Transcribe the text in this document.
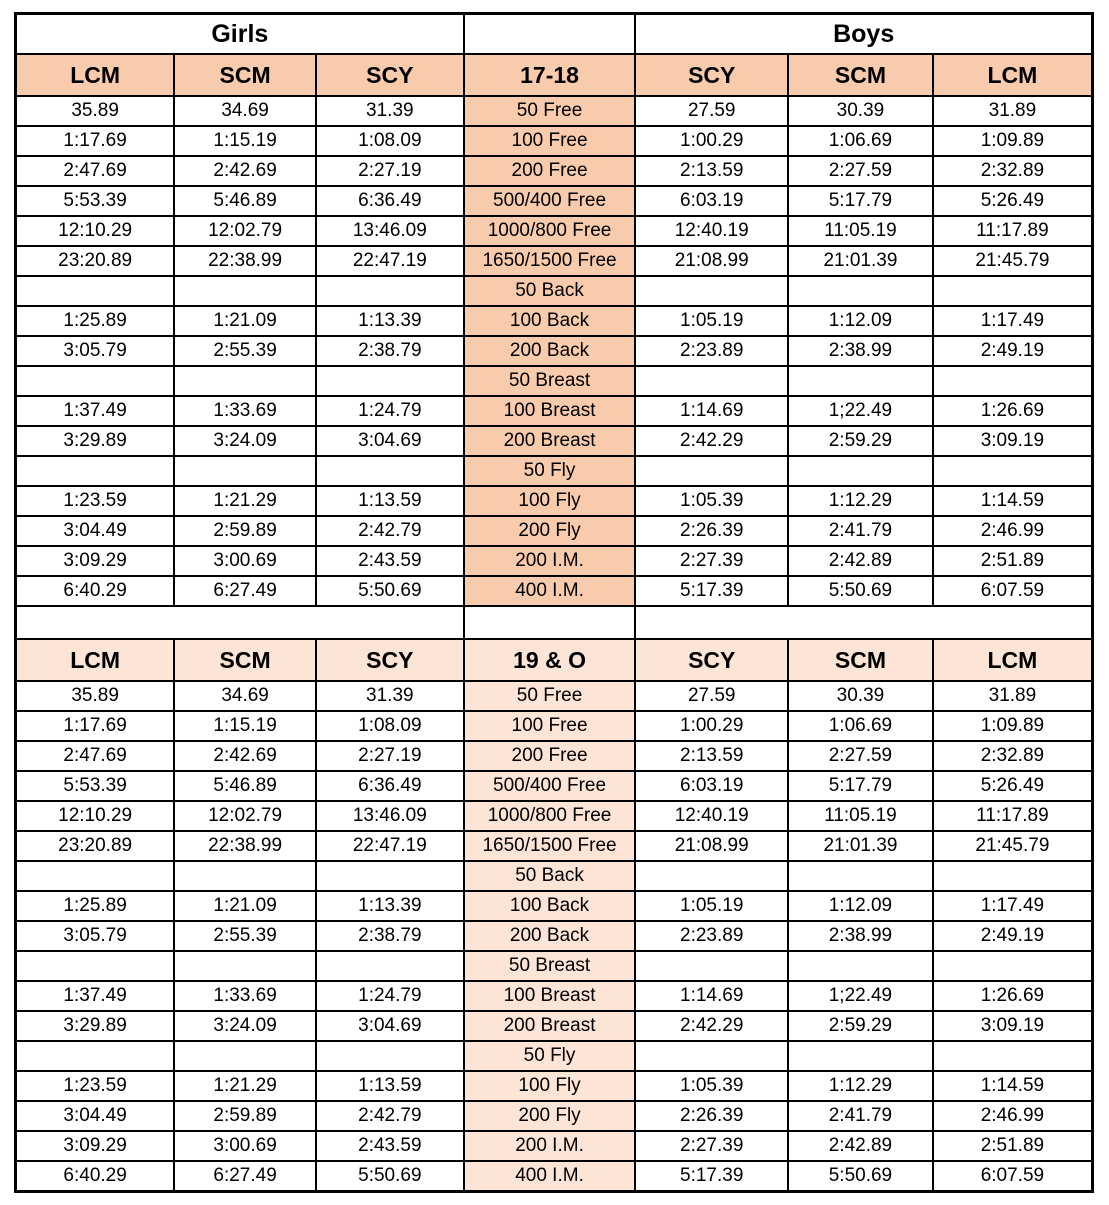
Girls				Boys		
LCM	SCM	SCY	17-18	SCY	SCM	LCM
35.89	34.69	31.39	50 Free	27.59	30.39	31.89
1:17.69	1:15.19	1:08.09	100 Free	1:00.29	1:06.69	1:09.89
2:47.69	2:42.69	2:27.19	200 Free	2:13.59	2:27.59	2:32.89
5:53.39	5:46.89	6:36.49	500/400 Free	6:03.19	5:17.79	5:26.49
12:10.29	12:02.79	13:46.09	1000/800 Free	12:40.19	11:05.19	11:17.89
23:20.89	22:38.99	22:47.19	1650/1500 Free	21:08.99	21:01.39	21:45.79
			50 Back			
1:25.89	1:21.09	1:13.39	100 Back	1:05.19	1:12.09	1:17.49
3:05.79	2:55.39	2:38.79	200 Back	2:23.89	2:38.99	2:49.19
			50 Breast			
1:37.49	1:33.69	1:24.79	100 Breast	1:14.69	1;22.49	1:26.69
3:29.89	3:24.09	3:04.69	200 Breast	2:42.29	2:59.29	3:09.19
			50 Fly			
1:23.59	1:21.29	1:13.59	100 Fly	1:05.39	1:12.29	1:14.59
3:04.49	2:59.89	2:42.79	200 Fly	2:26.39	2:41.79	2:46.99
3:09.29	3:00.69	2:43.59	200 I.M.	2:27.39	2:42.89	2:51.89
6:40.29	6:27.49	5:50.69	400 I.M.	5:17.39	5:50.69	6:07.59

LCM	SCM	SCY	19 & O	SCY	SCM	LCM
35.89	34.69	31.39	50 Free	27.59	30.39	31.89
1:17.69	1:15.19	1:08.09	100 Free	1:00.29	1:06.69	1:09.89
2:47.69	2:42.69	2:27.19	200 Free	2:13.59	2:27.59	2:32.89
5:53.39	5:46.89	6:36.49	500/400 Free	6:03.19	5:17.79	5:26.49
12:10.29	12:02.79	13:46.09	1000/800 Free	12:40.19	11:05.19	11:17.89
23:20.89	22:38.99	22:47.19	1650/1500 Free	21:08.99	21:01.39	21:45.79
			50 Back			
1:25.89	1:21.09	1:13.39	100 Back	1:05.19	1:12.09	1:17.49
3:05.79	2:55.39	2:38.79	200 Back	2:23.89	2:38.99	2:49.19
			50 Breast			
1:37.49	1:33.69	1:24.79	100 Breast	1:14.69	1;22.49	1:26.69
3:29.89	3:24.09	3:04.69	200 Breast	2:42.29	2:59.29	3:09.19
			50 Fly			
1:23.59	1:21.29	1:13.59	100 Fly	1:05.39	1:12.29	1:14.59
3:04.49	2:59.89	2:42.79	200 Fly	2:26.39	2:41.79	2:46.99
3:09.29	3:00.69	2:43.59	200 I.M.	2:27.39	2:42.89	2:51.89
6:40.29	6:27.49	5:50.69	400 I.M.	5:17.39	5:50.69	6:07.59
